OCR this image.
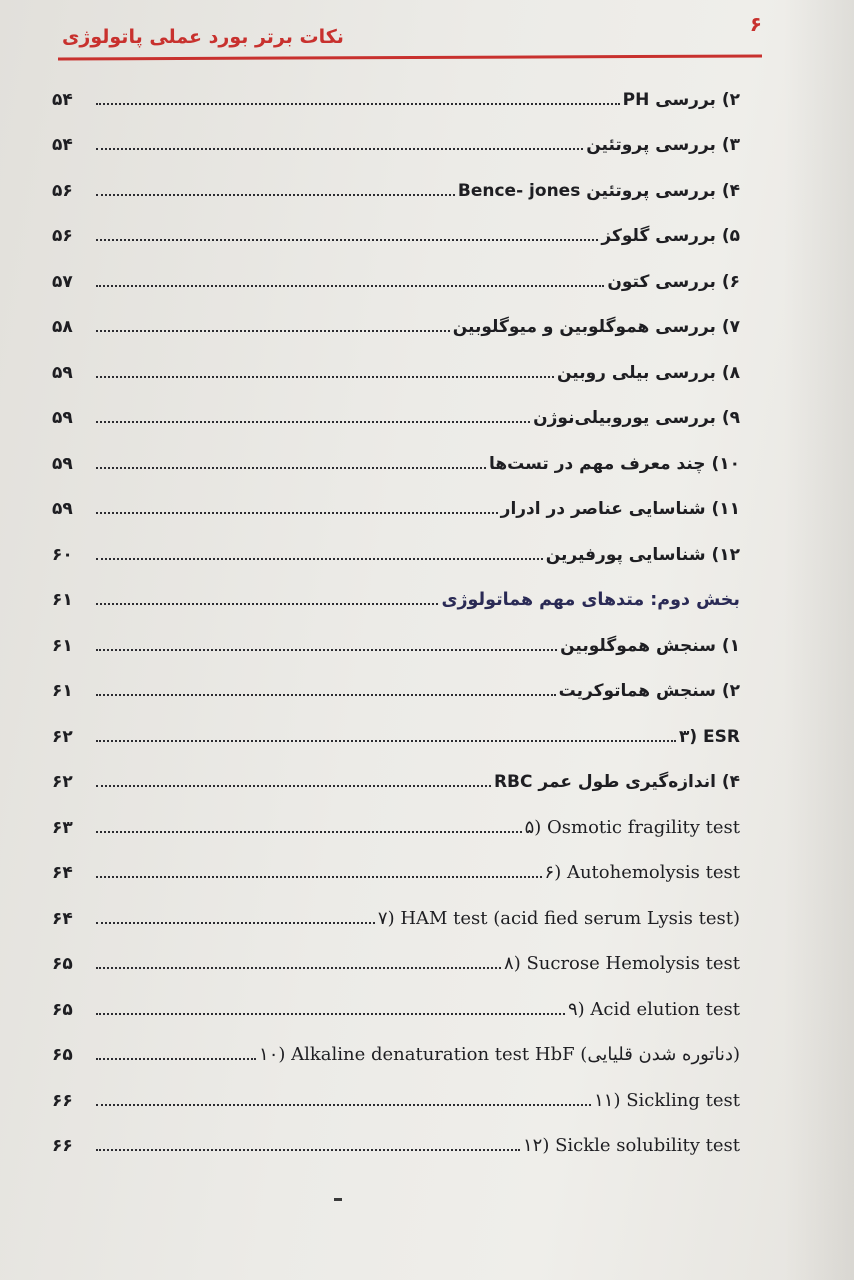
۶
نکات برتر بورد عملی پاتولوژی
۲) بررسی PH
۵۴
۳) بررسی پروتئین
۵۴
۴) بررسی پروتئین Bence- jones
۵۶
۵) بررسی گلوکز
۵۶
۶) بررسی کتون
۵۷
۷) بررسی هموگلوبین و میوگلوبین
۵۸
۸) بررسی بیلی روبین
۵۹
۹) بررسی یوروبیلی‌نوژن
۵۹
۱۰) چند معرف مهم در تست‌ها
۵۹
۱۱) شناسایی عناصر در ادرار
۵۹
۱۲) شناسایی پورفیرین
۶۰
بخش دوم: متدهای مهم هماتولوژی
۶۱
۱) سنجش هموگلوبین
۶۱
۲) سنجش هماتوکریت
۶۱
۳) ESR
۶۲
۴) اندازه‌گیری طول عمر RBC
۶۲
۵) Osmotic fragility test
۶۳
۶) Autohemolysis test
۶۴
۷) HAM test (acid fied serum Lysis test)
۶۴
۸) Sucrose Hemolysis test
۶۵
۹) Acid elution test
۶۵
۱۰) Alkaline denaturation test HbF (دناتوره شدن قلیایی)
۶۵
۱۱) Sickling test
۶۶
۱۲) Sickle solubility test
۶۶
